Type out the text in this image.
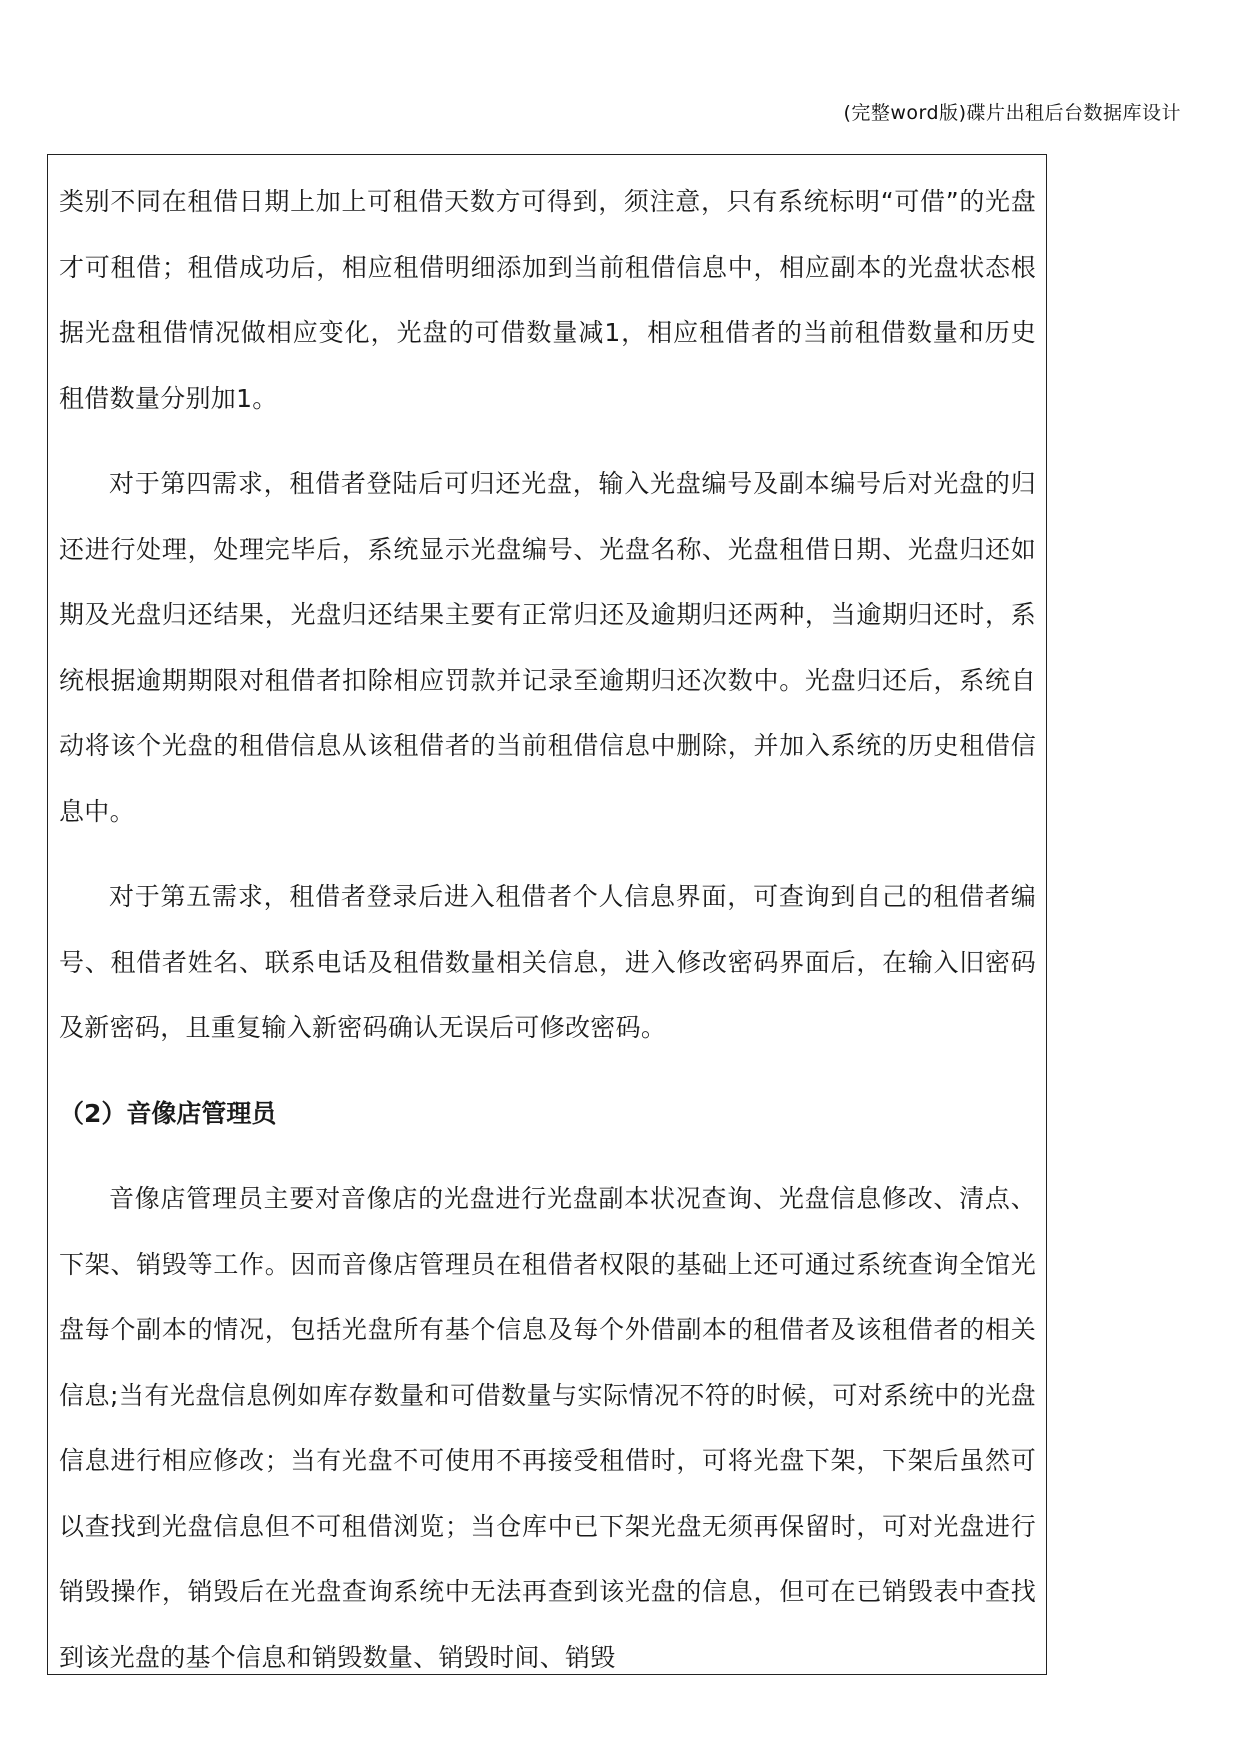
(完整word版)碟片出租后台数据库设计

类别不同在租借日期上加上可租借天数方可得到，须注意，只有系统标明“可借”的光盘才可租借；租借成功后，相应租借明细添加到当前租借信息中，相应副本的光盘状态根据光盘租借情况做相应变化，光盘的可借数量减1，相应租借者的当前租借数量和历史租借数量分别加1。

对于第四需求，租借者登陆后可归还光盘，输入光盘编号及副本编号后对光盘的归还进行处理，处理完毕后，系统显示光盘编号、光盘名称、光盘租借日期、光盘归还如期及光盘归还结果，光盘归还结果主要有正常归还及逾期归还两种，当逾期归还时，系统根据逾期期限对租借者扣除相应罚款并记录至逾期归还次数中。光盘归还后，系统自动将该个光盘的租借信息从该租借者的当前租借信息中删除，并加入系统的历史租借信息中。

对于第五需求，租借者登录后进入租借者个人信息界面，可查询到自己的租借者编号、租借者姓名、联系电话及租借数量相关信息，进入修改密码界面后，在输入旧密码及新密码，且重复输入新密码确认无误后可修改密码。

（2）音像店管理员

音像店管理员主要对音像店的光盘进行光盘副本状况查询、光盘信息修改、清点、下架、销毁等工作。因而音像店管理员在租借者权限的基础上还可通过系统查询全馆光盘每个副本的情况，包括光盘所有基个信息及每个外借副本的租借者及该租借者的相关信息;当有光盘信息例如库存数量和可借数量与实际情况不符的时候，可对系统中的光盘信息进行相应修改；当有光盘不可使用不再接受租借时，可将光盘下架，下架后虽然可以查找到光盘信息但不可租借浏览；当仓库中已下架光盘无须再保留时，可对光盘进行销毁操作，销毁后在光盘查询系统中无法再查到该光盘的信息，但可在已销毁表中查找到该光盘的基个信息和销毁数量、销毁时间、销毁
